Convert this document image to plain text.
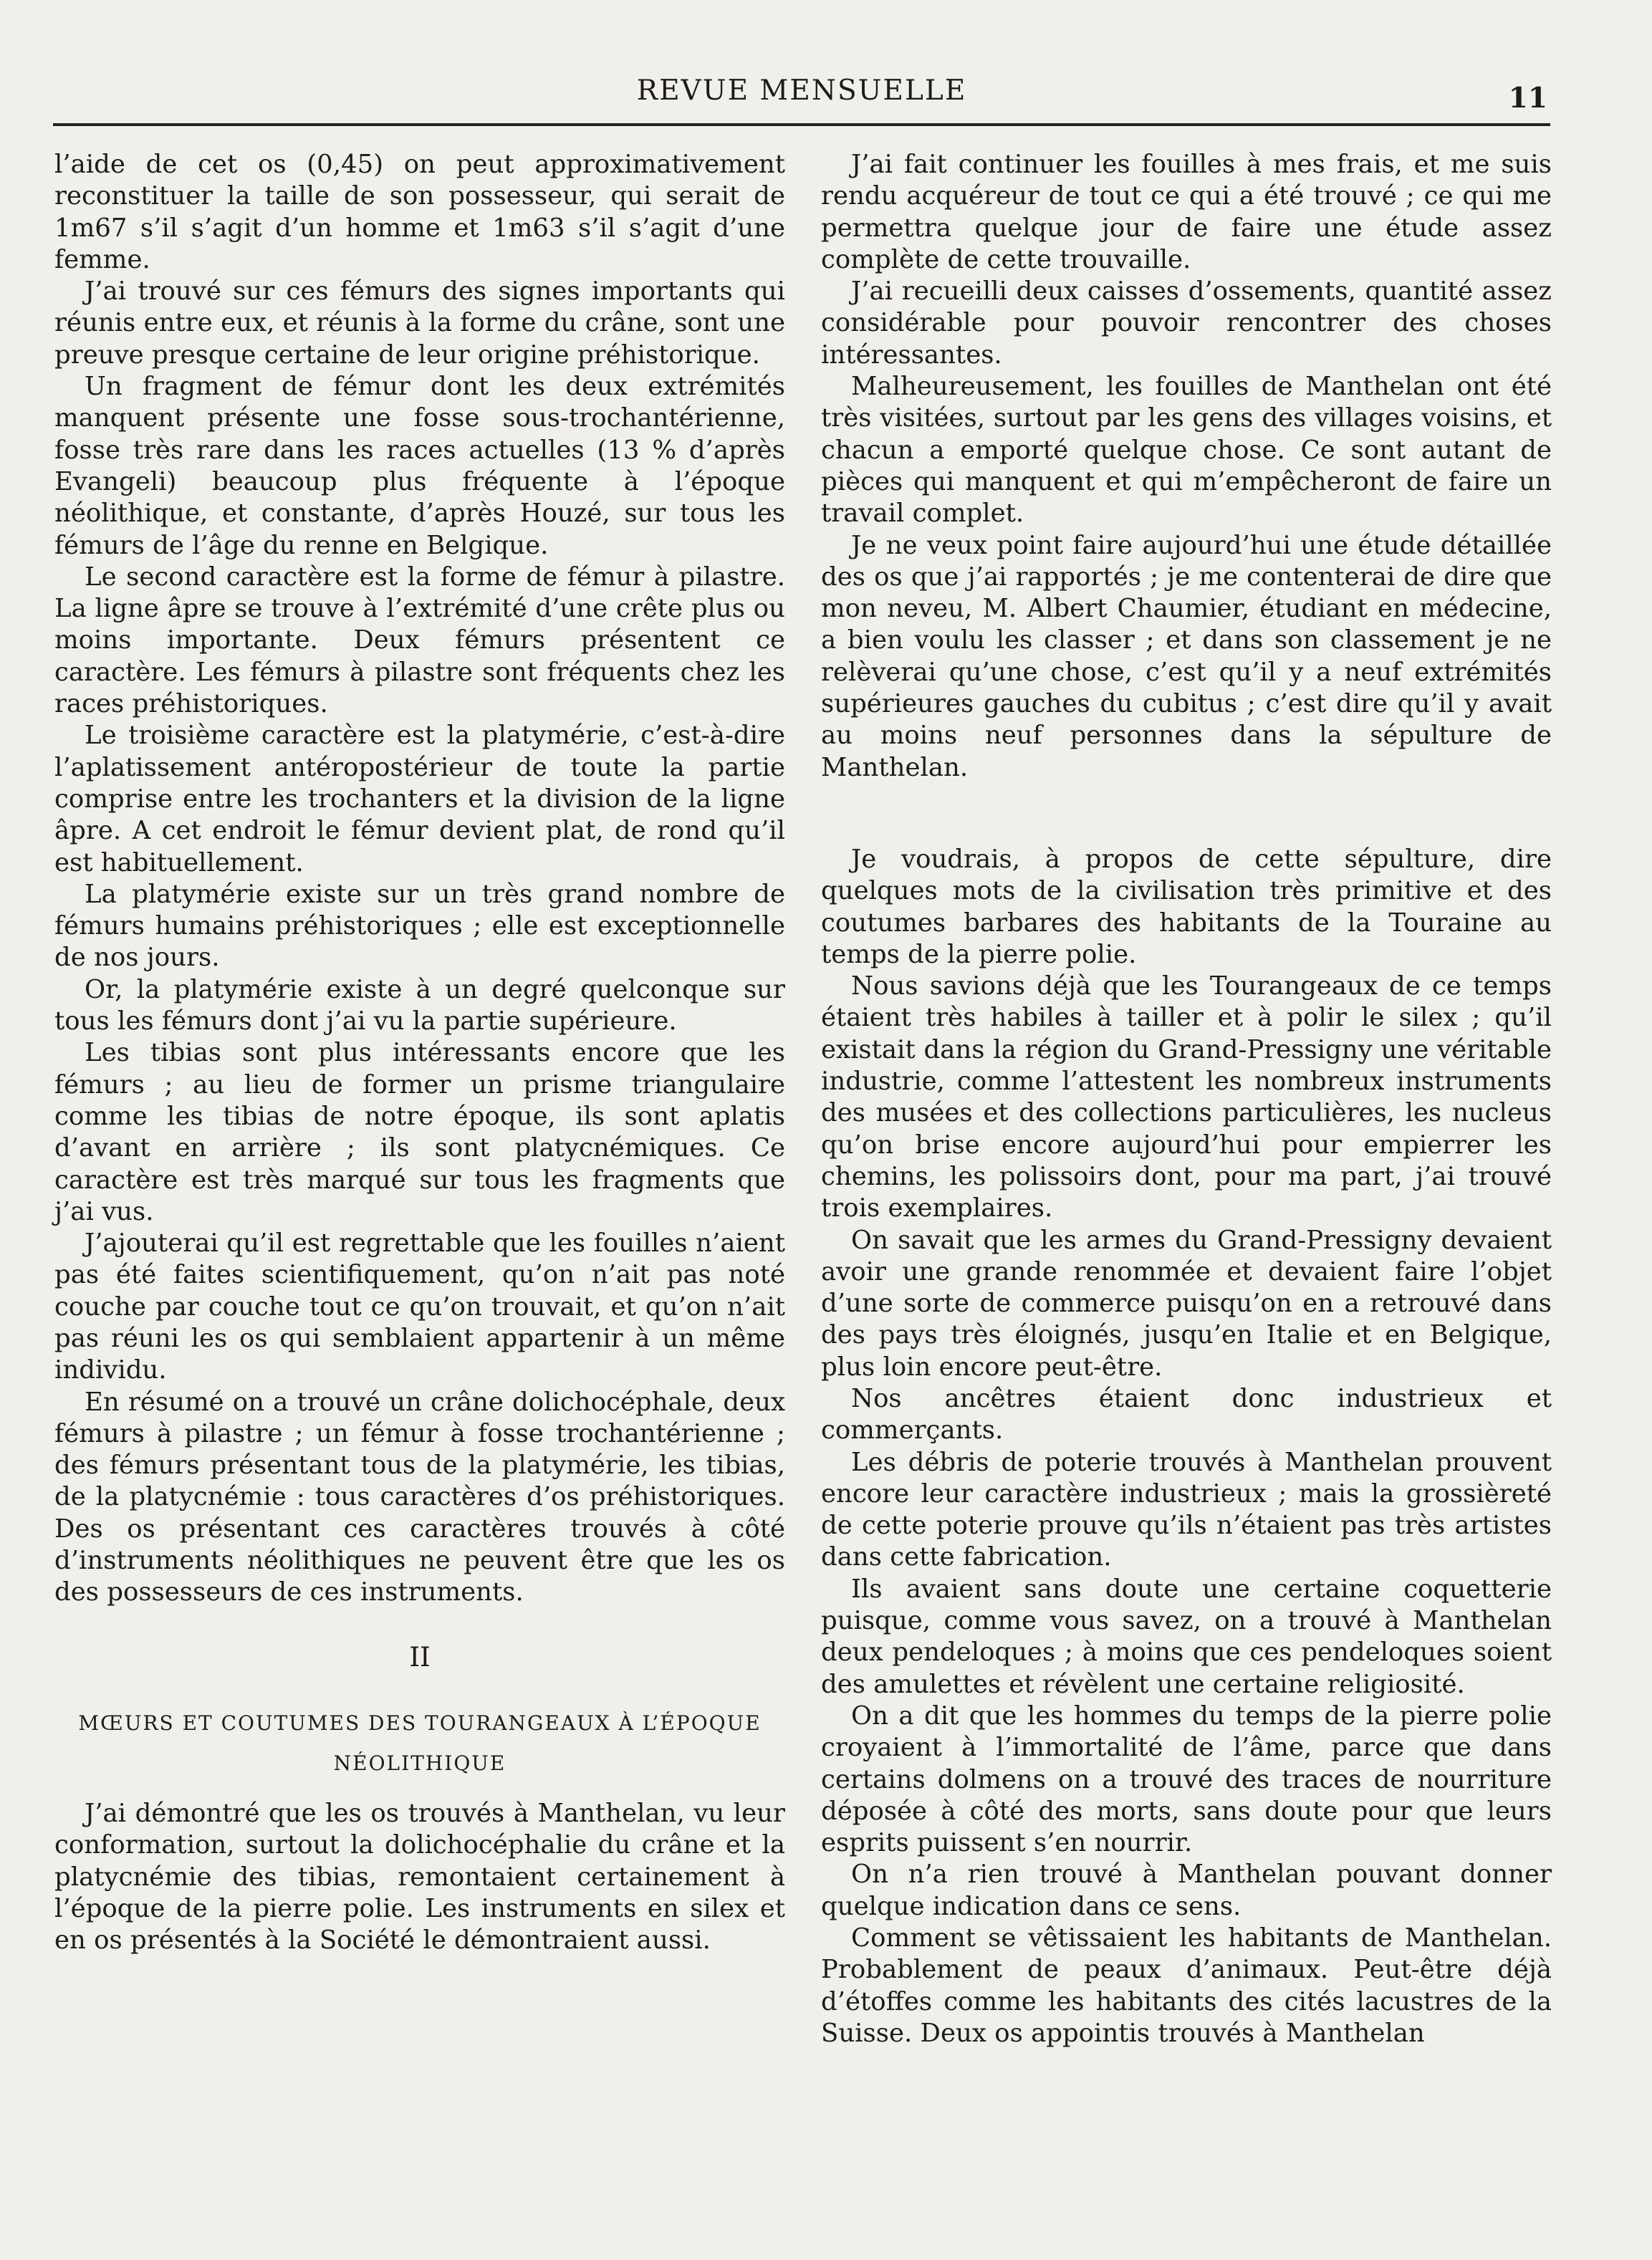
REVUE MENSUELLE	11

l’aide de cet os (0,45) on peut approximativement reconstituer la taille de son possesseur, qui serait de 1m67 s’il s’agit d’un homme et 1m63 s’il s’agit d’une femme.

J’ai trouvé sur ces fémurs des signes importants qui réunis entre eux, et réunis à la forme du crâne, sont une preuve presque certaine de leur origine préhistorique.

Un fragment de fémur dont les deux extrémités manquent présente une fosse sous-trochantérienne, fosse très rare dans les races actuelles (13 % d’après Evangeli) beaucoup plus fréquente à l’époque néolithique, et constante, d’après Houzé, sur tous les fémurs de l’âge du renne en Belgique.

Le second caractère est la forme de fémur à pilastre. La ligne âpre se trouve à l’extrémité d’une crête plus ou moins importante. Deux fémurs présentent ce caractère. Les fémurs à pilastre sont fréquents chez les races préhistoriques.

Le troisième caractère est la platymérie, c’est-à-dire l’aplatissement antéropostérieur de toute la partie comprise entre les trochanters et la division de la ligne âpre. A cet endroit le fémur devient plat, de rond qu’il est habituellement.

La platymérie existe sur un très grand nombre de fémurs humains préhistoriques ; elle est exceptionnelle de nos jours.

Or, la platymérie existe à un degré quelconque sur tous les fémurs dont j’ai vu la partie supérieure.

Les tibias sont plus intéressants encore que les fémurs ; au lieu de former un prisme triangulaire comme les tibias de notre époque, ils sont aplatis d’avant en arrière ; ils sont platycnémiques. Ce caractère est très marqué sur tous les fragments que j’ai vus.

J’ajouterai qu’il est regrettable que les fouilles n’aient pas été faites scientifiquement, qu’on n’ait pas noté couche par couche tout ce qu’on trouvait, et qu’on n’ait pas réuni les os qui semblaient appartenir à un même individu.

En résumé on a trouvé un crâne dolichocéphale, deux fémurs à pilastre ; un fémur à fosse trochantérienne ; des fémurs présentant tous de la platymérie, les tibias, de la platycnémie : tous caractères d’os préhistoriques. Des os présentant ces caractères trouvés à côté d’instruments néolithiques ne peuvent être que les os des possesseurs de ces instruments.

II
MŒURS ET COUTUMES DES TOURANGEAUX À L’ÉPOQUE NÉOLITHIQUE

J’ai démontré que les os trouvés à Manthelan, vu leur conformation, surtout la dolichocéphalie du crâne et la platycnémie des tibias, remontaient certainement à l’époque de la pierre polie. Les instruments en silex et en os présentés à la Société le démontraient aussi.

J’ai fait continuer les fouilles à mes frais, et me suis rendu acquéreur de tout ce qui a été trouvé ; ce qui me permettra quelque jour de faire une étude assez complète de cette trouvaille.

J’ai recueilli deux caisses d’ossements, quantité assez considérable pour pouvoir rencontrer des choses intéressantes.

Malheureusement, les fouilles de Manthelan ont été très visitées, surtout par les gens des villages voisins, et chacun a emporté quelque chose. Ce sont autant de pièces qui manquent et qui m’empêcheront de faire un travail complet.

Je ne veux point faire aujourd’hui une étude détaillée des os que j’ai rapportés ; je me contenterai de dire que mon neveu, M. Albert Chaumier, étudiant en médecine, a bien voulu les classer ; et dans son classement je ne relèverai qu’une chose, c’est qu’il y a neuf extrémités supérieures gauches du cubitus ; c’est dire qu’il y avait au moins neuf personnes dans la sépulture de Manthelan.

Je voudrais, à propos de cette sépulture, dire quelques mots de la civilisation très primitive et des coutumes barbares des habitants de la Touraine au temps de la pierre polie.

Nous savions déjà que les Tourangeaux de ce temps étaient très habiles à tailler et à polir le silex ; qu’il existait dans la région du Grand-Pressigny une véritable industrie, comme l’attestent les nombreux instruments des musées et des collections particulières, les nucleus qu’on brise encore aujourd’hui pour empierrer les chemins, les polissoirs dont, pour ma part, j’ai trouvé trois exemplaires.

On savait que les armes du Grand-Pressigny devaient avoir une grande renommée et devaient faire l’objet d’une sorte de commerce puisqu’on en a retrouvé dans des pays très éloignés, jusqu’en Italie et en Belgique, plus loin encore peut-être.

Nos ancêtres étaient donc industrieux et commerçants.

Les débris de poterie trouvés à Manthelan prouvent encore leur caractère industrieux ; mais la grossièreté de cette poterie prouve qu’ils n’étaient pas très artistes dans cette fabrication.

Ils avaient sans doute une certaine coquetterie puisque, comme vous savez, on a trouvé à Manthelan deux pendeloques ; à moins que ces pendeloques soient des amulettes et révèlent une certaine religiosité.

On a dit que les hommes du temps de la pierre polie croyaient à l’immortalité de l’âme, parce que dans certains dolmens on a trouvé des traces de nourriture déposée à côté des morts, sans doute pour que leurs esprits puissent s’en nourrir.

On n’a rien trouvé à Manthelan pouvant donner quelque indication dans ce sens.

Comment se vêtissaient les habitants de Manthelan. Probablement de peaux d’animaux. Peut-être déjà d’étoffes comme les habitants des cités lacustres de la Suisse. Deux os appointis trouvés à Manthelan
